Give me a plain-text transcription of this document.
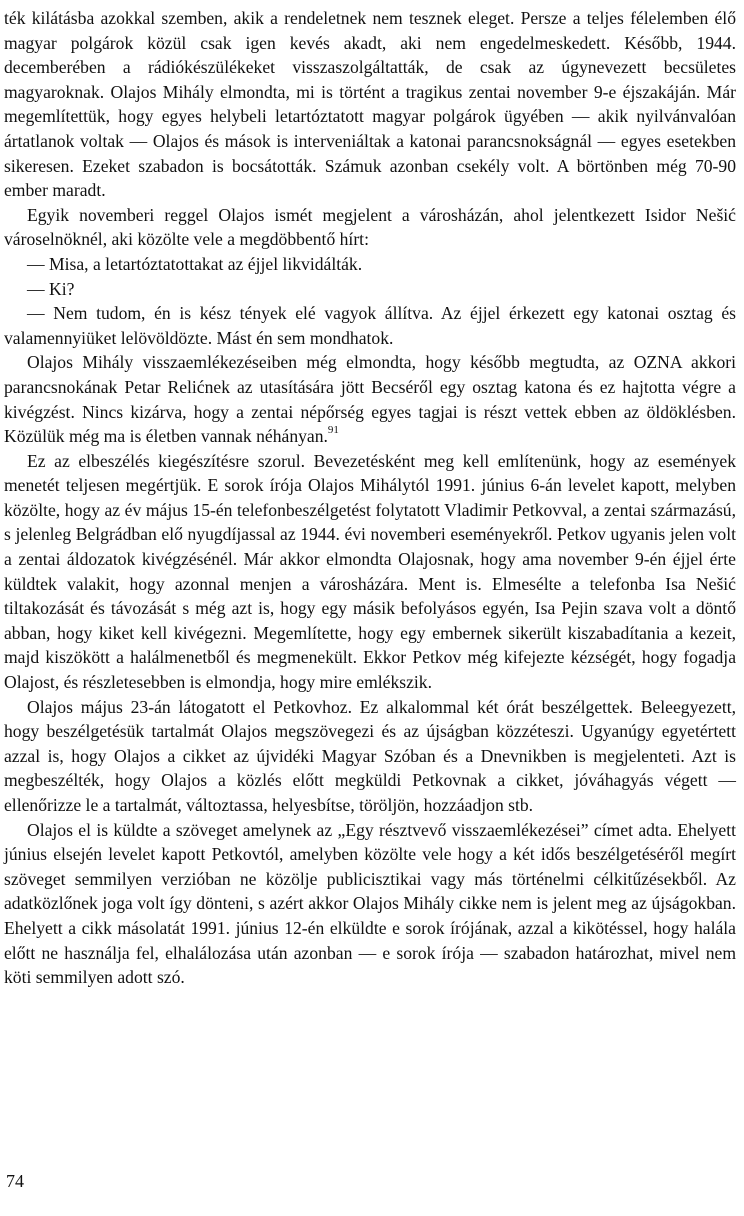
ték kilátásba azokkal szemben, akik a rendeletnek nem tesznek eleget. Persze a teljes félelemben élő magyar polgárok közül csak igen kevés akadt, aki nem engedelmeskedett. Később, 1944. decemberében a rádiókészülékeket visszaszolgáltatták, de csak az úgynevezett becsületes magyaroknak. Olajos Mihály elmondta, mi is történt a tragikus zentai november 9-e éjszakáján. Már megemlítettük, hogy egyes helybeli letartóztatott magyar polgárok ügyében — akik nyilvánvalóan ártatlanok voltak — Olajos és mások is interveniáltak a katonai parancsnokságnál — egyes esetekben sikeresen. Ezeket szabadon is bocsátották. Számuk azonban csekély volt. A börtönben még 70-90 ember maradt.

Egyik novemberi reggel Olajos ismét megjelent a városházán, ahol jelentkezett Isidor Nešić városelnöknél, aki közölte vele a megdöbbentő hírt:

— Misa, a letartóztatottakat az éjjel likvidálták.

— Ki?

— Nem tudom, én is kész tények elé vagyok állítva. Az éjjel érkezett egy katonai osztag és valamennyiüket lelövöldözte. Mást én sem mondhatok.

Olajos Mihály visszaemlékezéseiben még elmondta, hogy később megtudta, az OZNA akkori parancsnokának Petar Relićnek az utasítására jött Becséről egy osztag katona és ez hajtotta végre a kivégzést. Nincs kizárva, hogy a zentai népőrség egyes tagjai is részt vettek ebben az öldöklésben. Közülük még ma is életben vannak néhányan.$^{91}$

Ez az elbeszélés kiegészítésre szorul. Bevezetésként meg kell említenünk, hogy az események menetét teljesen megértjük. E sorok írója Olajos Mihálytól 1991. június 6-án levelet kapott, melyben közölte, hogy az év május 15-én telefonbeszélgetést folytatott Vladimir Petkovval, a zentai származású, s jelenleg Belgrádban elő nyugdíjassal az 1944. évi novemberi eseményekről. Petkov ugyanis jelen volt a zentai áldozatok kivégzésénél. Már akkor elmondta Olajosnak, hogy ama november 9-én éjjel érte küldtek valakit, hogy azonnal menjen a városházára. Ment is. Elmesélte a telefonba Isa Nešić tiltakozását és távozását s még azt is, hogy egy másik befolyásos egyén, Isa Pejin szava volt a döntő abban, hogy kiket kell kivégezni. Megemlítette, hogy egy embernek sikerült kiszabadítania a kezeit, majd kiszökött a halálmenetből és megmenekült. Ekkor Petkov még kifejezte kézségét, hogy fogadja Olajost, és részletesebben is elmondja, hogy mire emlékszik.

Olajos május 23-án látogatott el Petkovhoz. Ez alkalommal két órát beszélgettek. Beleegyezett, hogy beszélgetésük tartalmát Olajos megszövegezi és az újságban közzéteszi. Ugyanúgy egyetértett azzal is, hogy Olajos a cikket az újvidéki Magyar Szóban és a Dnevnikben is megjelenteti. Azt is megbeszélték, hogy Olajos a közlés előtt megküldi Petkovnak a cikket, jóváhagyás végett — ellenőrizze le a tartalmát, változtassa, helyesbítse, töröljön, hozzáadjon stb.

Olajos el is küldte a szöveget amelynek az „Egy résztvevő visszaemlékezései” címet adta. Ehelyett június elsején levelet kapott Petkovtól, amelyben közölte vele hogy a két idős beszélgetéséről megírt szöveget semmilyen verzióban ne közölje publicisztikai vagy más történelmi célkitűzésekből. Az adatközlőnek joga volt így dönteni, s azért akkor Olajos Mihály cikke nem is jelent meg az újságokban. Ehelyett a cikk másolatát 1991. június 12-én elküldte e sorok írójának, azzal a kikötéssel, hogy halála előtt ne használja fel, elhalálozása után azonban — e sorok írója — szabadon határozhat, mivel nem köti semmilyen adott szó.

74
